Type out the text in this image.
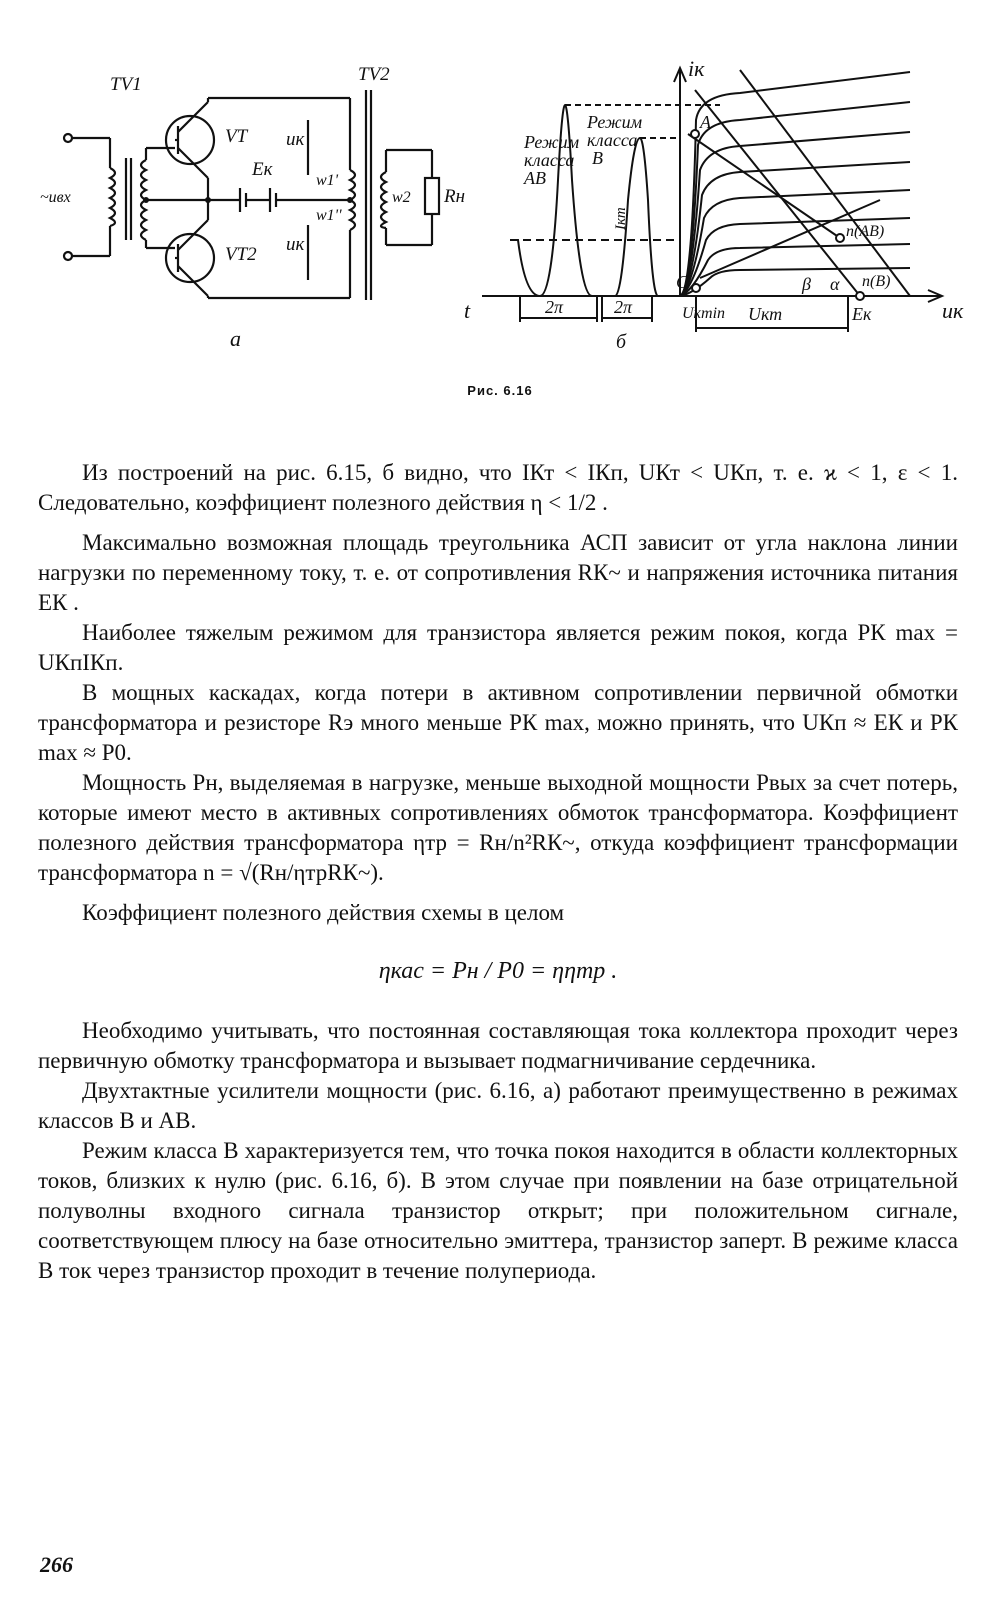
TV1	TV2
VT
VT2
Eк
uк
uк
w1'
w1''
w2 Rн
~uвх
а
iк
t	uк
Режим
класса
АВ
Режим
класса
В
Iкт
2π	2π
б
Uкmin Uкт	Eк
А
С
п(АВ)
п(В)
β α
Рис. 6.16

Из построений на рис. 6.15, б видно, что IКт < IКп, UКт < UКп, т. е. ϰ < 1, ε < 1. Следовательно, коэффициент полезного действия η < 1/2 .

Максимально возможная площадь треугольника АСП зависит от угла наклона линии нагрузки по переменному току, т. е. от сопротивления RК~ и напряжения источника питания EК .

Наиболее тяжелым режимом для транзистора является режим покоя, когда PК max = UКпIКп.

В мощных каскадах, когда потери в активном сопротивлении первичной обмотки трансформатора и резисторе Rэ много меньше PК max, можно принять, что UКп ≈ EК и PК max ≈ P0.

Мощность Pн, выделяемая в нагрузке, меньше выходной мощности Pвых за счет потерь, которые имеют место в активных сопротивлениях обмоток трансформатора. Коэффициент полезного действия трансформатора ηтр = Rн/n²RК~, откуда коэффициент трансформации трансформатора n = √(Rн/ηтрRК~).

Коэффициент полезного действия схемы в целом

ηкас = Pн / P0 = ηηтр .

Необходимо учитывать, что постоянная составляющая тока коллектора проходит через первичную обмотку трансформатора и вызывает подмагничивание сердечника.

Двухтактные усилители мощности (рис. 6.16, а) работают преимущественно в режимах классов В и АВ.

Режим класса В характеризуется тем, что точка покоя находится в области коллекторных токов, близких к нулю (рис. 6.16, б). В этом случае при появлении на базе отрицательной полуволны входного сигнала транзистор открыт; при положительном сигнале, соответствующем плюсу на базе относительно эмиттера, транзистор заперт. В режиме класса В ток через транзистор проходит в течение полупериода.

266
